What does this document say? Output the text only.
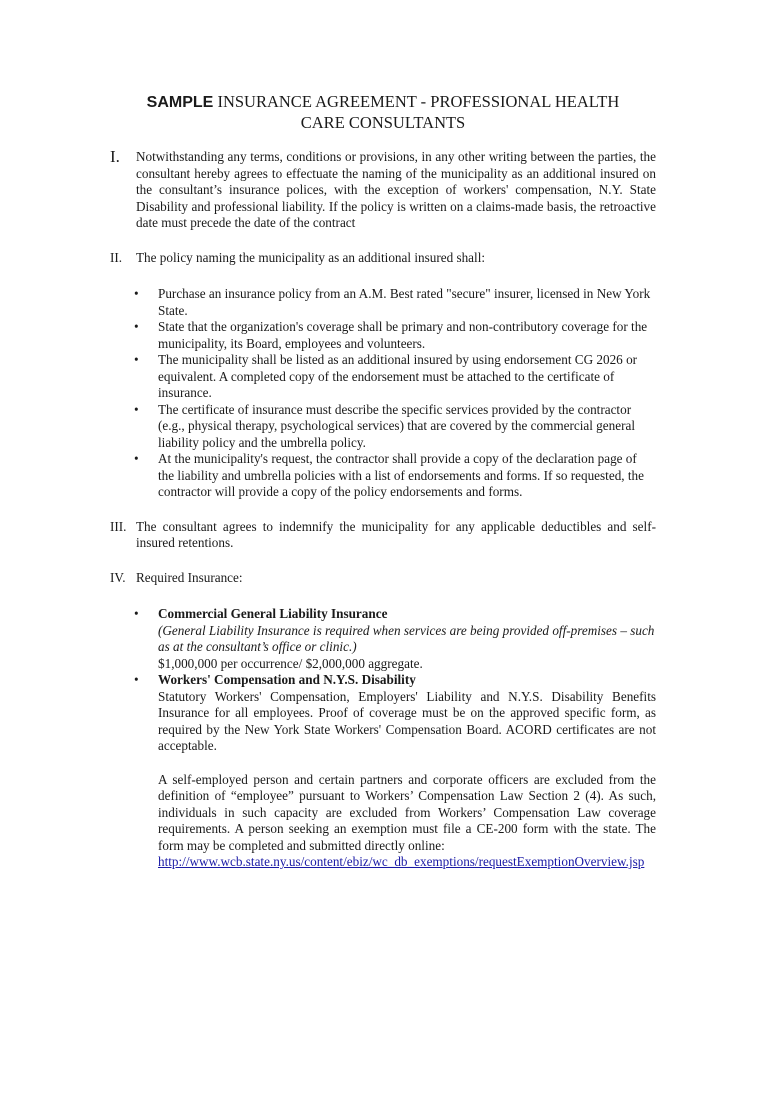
SAMPLE INSURANCE AGREEMENT - PROFESSIONAL HEALTH
CARE CONSULTANTS
I.	Notwithstanding any terms, conditions or provisions, in any other writing between the parties, the consultant hereby agrees to effectuate the naming of the municipality as an additional insured on the consultant’s insurance polices, with the exception of workers' compensation, N.Y. State Disability and professional liability. If the policy is written on a claims-made basis, the retroactive date must precede the date of the contract
II.	The policy naming the municipality as an additional insured shall:
• Purchase an insurance policy from an A.M. Best rated "secure" insurer, licensed in New York State.
• State that the organization's coverage shall be primary and non-contributory coverage for the municipality, its Board, employees and volunteers.
• The municipality shall be listed as an additional insured by using endorsement CG 2026 or equivalent. A completed copy of the endorsement must be attached to the certificate of insurance.
• The certificate of insurance must describe the specific services provided by the contractor (e.g., physical therapy, psychological services) that are covered by the commercial general liability policy and the umbrella policy.
• At the municipality's request, the contractor shall provide a copy of the declaration page of the liability and umbrella policies with a list of endorsements and forms. If so requested, the contractor will provide a copy of the policy endorsements and forms.
III. The consultant agrees to indemnify the municipality for any applicable deductibles and self-insured retentions.
IV. Required Insurance:
• Commercial General Liability Insurance
(General Liability Insurance is required when services are being provided off-premises – such as at the consultant’s office or clinic.)
$1,000,000 per occurrence/ $2,000,000 aggregate.
• Workers' Compensation and N.Y.S. Disability
Statutory Workers' Compensation, Employers' Liability and N.Y.S. Disability Benefits Insurance for all employees. Proof of coverage must be on the approved specific form, as required by the New York State Workers' Compensation Board. ACORD certificates are not acceptable.
A self-employed person and certain partners and corporate officers are excluded from the definition of “employee” pursuant to Workers’ Compensation Law Section 2 (4). As such, individuals in such capacity are excluded from Workers’ Compensation Law coverage requirements. A person seeking an exemption must file a CE-200 form with the state. The form may be completed and submitted directly online:
http://www.wcb.state.ny.us/content/ebiz/wc_db_exemptions/requestExemptionOverview.jsp
